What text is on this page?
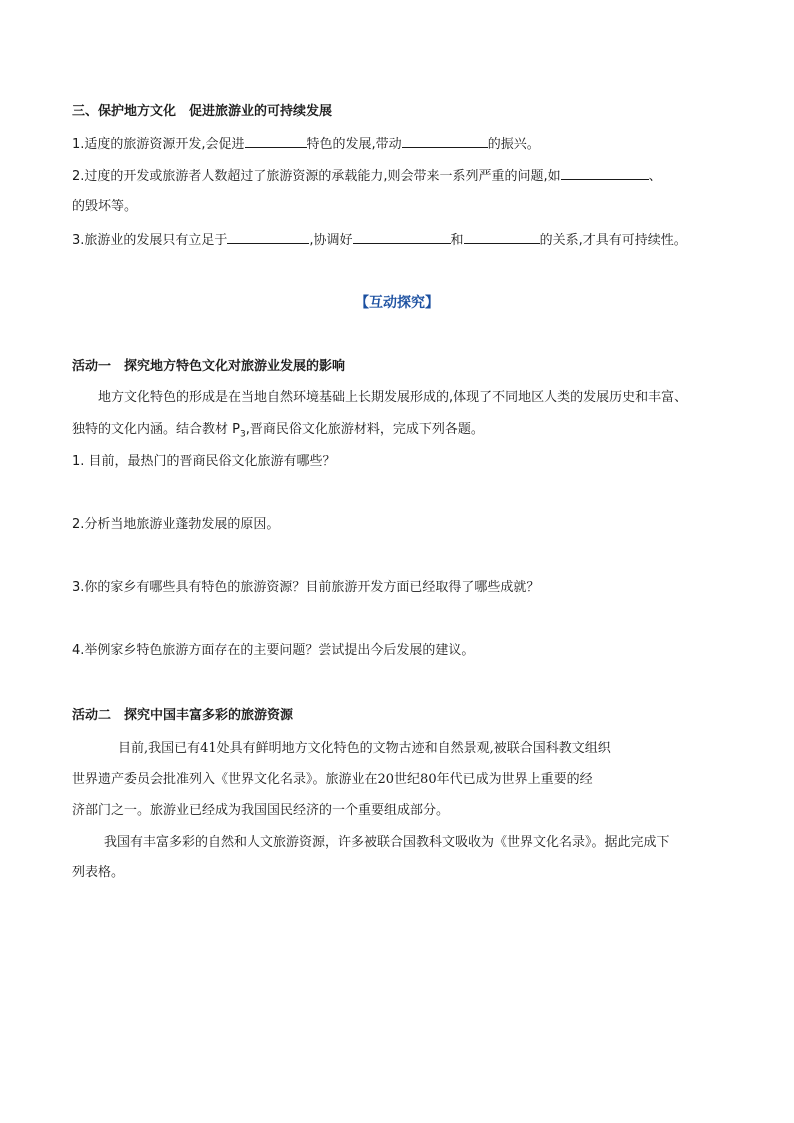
三、保护地方文化　促进旅游业的可持续发展
1.适度的旅游资源开发,会促进	特色的发展,带动	的振兴。
2.过度的开发或旅游者人数超过了旅游资源的承载能力,则会带来一系列严重的问题,如	、
的毁坏等。
3.旅游业的发展只有立足于	,协调好	和	的关系,才具有可持续性。
【互动探究】
活动一　探究地方特色文化对旅游业发展的影响
地方文化特色的形成是在当地自然环境基础上长期发展形成的,体现了不同地区人类的发展历史和丰富、
独特的文化内涵。结合教材 $P_3$,晋商民俗文化旅游材料，完成下列各题。
1. 目前，最热门的晋商民俗文化旅游有哪些？
2.分析当地旅游业蓬勃发展的原因。
3.你的家乡有哪些具有特色的旅游资源？目前旅游开发方面已经取得了哪些成就？
4.举例家乡特色旅游方面存在的主要问题？尝试提出今后发展的建议。
活动二　探究中国丰富多彩的旅游资源
目前,我国已有41处具有鲜明地方文化特色的文物古迹和自然景观,被联合国科教文组织
世界遗产委员会批准列入《世界文化名录》。旅游业在20世纪80年代已成为世界上重要的经
济部门之一。旅游业已经成为我国国民经济的一个重要组成部分。
我国有丰富多彩的自然和人文旅游资源，许多被联合国教科文吸收为《世界文化名录》。据此完成下
列表格。
